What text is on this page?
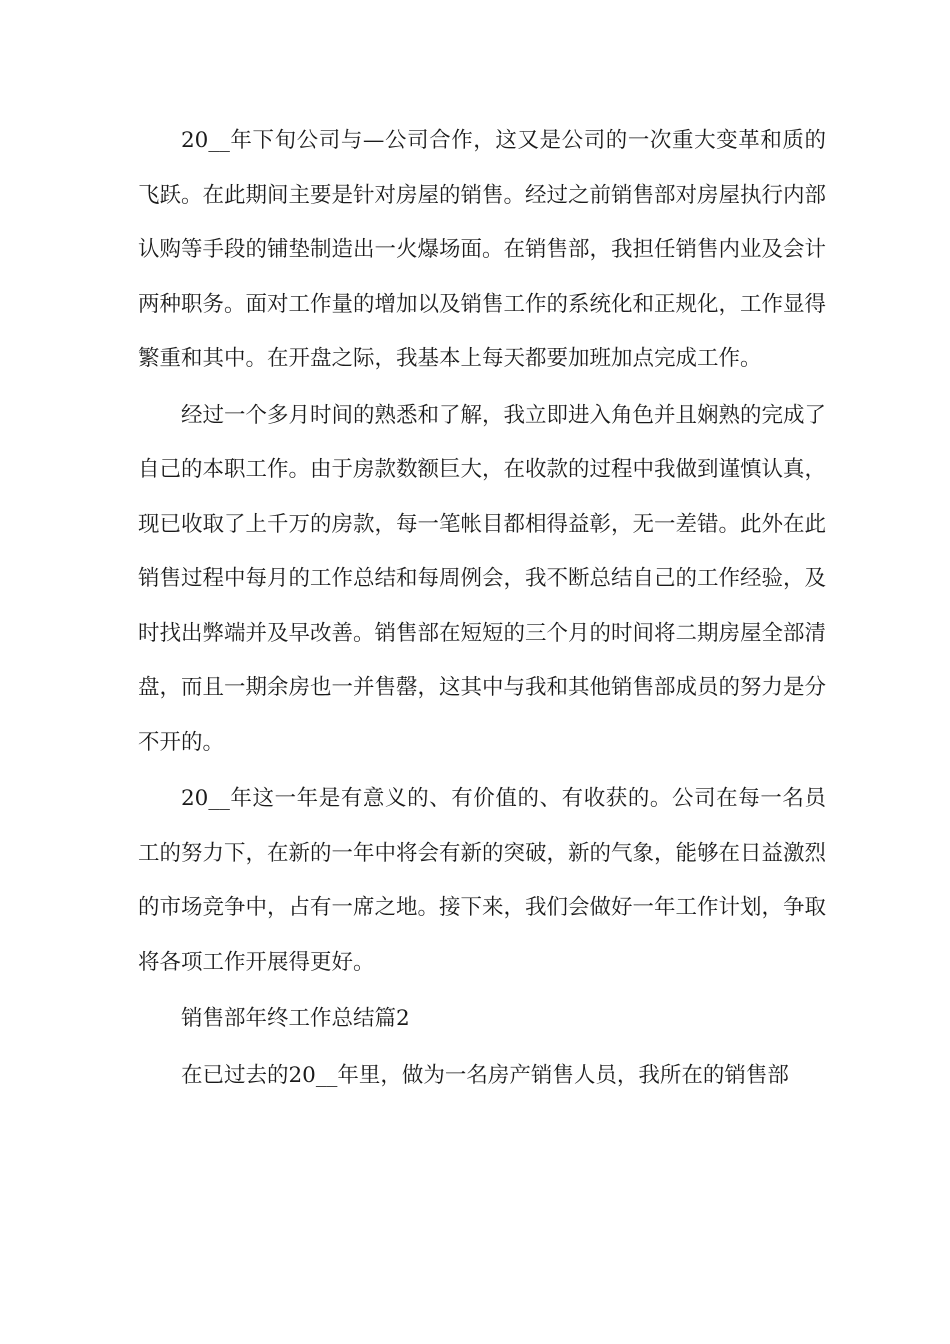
20__年下旬公司与—公司合作，这又是公司的一次重大变革和质的飞跃。在此期间主要是针对房屋的销售。经过之前销售部对房屋执行内部认购等手段的铺垫制造出一火爆场面。在销售部，我担任销售内业及会计两种职务。面对工作量的增加以及销售工作的系统化和正规化，工作显得繁重和其中。在开盘之际，我基本上每天都要加班加点完成工作。

经过一个多月时间的熟悉和了解，我立即进入角色并且娴熟的完成了自己的本职工作。由于房款数额巨大，在收款的过程中我做到谨慎认真，现已收取了上千万的房款，每一笔帐目都相得益彰，无一差错。此外在此销售过程中每月的工作总结和每周例会，我不断总结自己的工作经验，及时找出弊端并及早改善。销售部在短短的三个月的时间将二期房屋全部清盘，而且一期余房也一并售罄，这其中与我和其他销售部成员的努力是分不开的。

20__年这一年是有意义的、有价值的、有收获的。公司在每一名员工的努力下，在新的一年中将会有新的突破，新的气象，能够在日益激烈的市场竞争中，占有一席之地。接下来，我们会做好一年工作计划，争取将各项工作开展得更好。

销售部年终工作总结篇2

在已过去的20__年里，做为一名房产销售人员，我所在的销售部
